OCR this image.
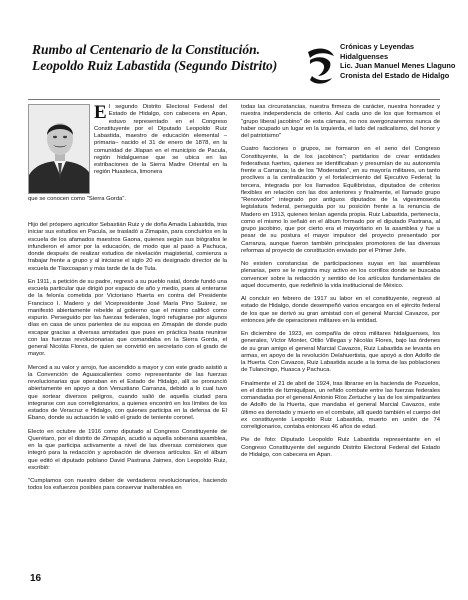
Rumbo al Centenario de la Constitución.
Leopoldo Ruiz Labastida (Segundo Distrito)
Crónicas y Leyendas Hidalguenses
Lic. Juan Manuel Menes Llaguno
Cronista del Estado de Hidalgo
El segundo Distrito Electoral Federal del Estado de Hidalgo, con cabecera en Apan, estuvo representado en el Congreso Constituyente por el Diputado Leopoldo Ruiz Labastida, maestro de educación elemental –primaria– nacido el 31 de enero de 1878, en la comunidad de Jilapan en el municipio de Pacula, región hidalguense que se ubica en las estribaciones de la Sierra Madre Oriental en la región Huasteca, limonera
que se conocen como "Sierra Gorda".

Hijo del próspero agricultor Sebastián Ruiz y de doña Amada Labastida, tras iniciar sus estudios en Pacula, se trasladó a Zimapán, para concluirlos en la escuela de los afamados maestros Gaona, quienes según sus biógrafos le infundieron el amor por la educación, de modo que al pasó a Pachuca, donde después de realizar estudios de nivelación magisterial, comienza a trabajar frente a grupo y al iniciarse el siglo 20 es designado director de la escuela de Tlaxcoapan y más tarde de la de Tula.

En 1911, a petición de su padre, regresó a su pueblo natal, donde fundó una escuela particular que dirigió por espacio de año y medio, pues al enterarse de la felonía cometida por Victoriano Huerta en contra del Presidente Francisco I. Madero y del Vicepresidente José María Pino Suárez, se manifestó abiertamente rebelde al gobierno que el mismo calificó como espurio. Perseguido por las fuerzas federales, logró refugiarse por algunos días en casa de unos parientes de su esposa en Zimapán de donde pudo escapar gracias a diversas amistades que pues en práctica hasta reunirse con las fuerzas revolucionarias que comandaba en la Sierra Gorda, el general Nicolás Flores, de quien se convirtió en secretario con el grado de mayor.

Merced a su valor y arrojo, fue ascendido a mayor y con este grado asistió a la Convención de Aguascalientes como representante de las fuerzas revolucionarias que operaban en el Estado de Hidalgo, allí se pronunció abiertamente en apoyo a don Venustiano Carranza, debido a lo cual tuvo que sortear diversos peligros, cuando salió de aquella ciudad para integrarse con sus correligionarios, a quienes encontró en los límites de los estados de Veracruz e Hidalgo, con quienes participa en la defensa de El Ébano, donde su actuación le valió el grado de teniente coronel.

Electo en octubre de 1916 como diputado al Congreso Constituyente de Querétaro, por el distrito de Zimapán, acudió a aquella soberana asamblea, en la que participa activamente a nivel de las diversas comisiones que integró para la redacción y aprobación de diversos artículos. En el álbum que editó el diputado poblano David Pastrana Jaimes, don Leopoldo Ruiz, escribió:

"Cumplamos con nuestro deber de verdaderos revolucionarios, haciendo todos los esfuerzos posibles para conservar inalterables en

todas las circunstancias, nuestra firmeza de carácter, nuestra honradez y nuestra independencia de criterio. Así cada uno de los que formamos el "grupo liberal jacobino" de esta cámara, no nos avergonzaremos nunca de haber ocupado un lugar en la izquierda, el lado del radicalismo, del honor y del patriotismo"

Cuatro facciones o grupos, se formaron en el seno del Congreso Constituyente, la de los jacobinos"; partidarios de crear entidades federativas fuertes, quienes se identificaban y presumían de su autonomía frente a Carranza; la de los "Moderados", en su mayoría militares, un tanto proclives a la centralización y el fortalecimiento del Ejecutivo Federal; la tercera, integrada por los llamados Equilibristas, diputados de criterios flexibles en relación con las dos anteriores y finalmente, el llamado grupo "Renovador" integrado por antiguos diputados de la vigesimosexta legislatura federal, perseguida por su posición frente a la renuncia de Madero en 1913, quienes tenían agenda propia. Ruiz Labastida, pertenecía, como el mismo lo señaló en el álbum formado por el diputado Pastrana, al grupo jacobino, que por cierto era el mayoritario en la asamblea y fue a pesar de su postura el mayor impulsor del proyecto presentado por Carranza, aunque fueron también principales promotores de las diversas reformas al proyecto de constitución enviado por el Primer Jefe.

No existen constancias de participaciones suyas en las asambleas plenarias, pero se le registra muy activo en los corrillos donde se buscaba convencer sobre la redacción y sentido de los artículos fundamentales de aquel documento, que redefinió la vida institucional de México.

Al concluir en febrero de 1917 su labor en el constituyente, regresó al estado de Hidalgo, donde desempeñó varios encargos en el ejército federal de los que se derivó su gran amistad con el general Marcial Cavazos, por entonces jefe de operaciones militares en la entidad.

En diciembre de 1923, en compañía de otros militares hidalguenses, los generales, Víctor Monter, Otilio Villegas y Nicolás Flores, bajo las órdenes de su gran amigo el general Marcial Cavazos, Ruiz Labastida se levanta en armas, en apoyo de la revolución Delahuertista, que apoyó a don Adolfo de la Huerta. Con Cavazos, Ruiz Labastida acude a la toma de las poblaciones de Tulancingo, Huasca y Pachuca.

Finalmente el 21 de abril de 1924, tras librarse en la hacienda de Pozuelos, en el distrito de Itzmiquilpan, un reñido combate entre las fuerzas federales comandadas por el general Antonio Ríos Zertuche y las de los simpatizantes de Adolfo de la Huerta, que mandaba el general Marcial Cavazos, este último es derrotado y muerto en el combate, allí quedó también el cuerpo del ex constituyente Leopoldo Ruiz Labastida, muerto en unión de 74 correligionarios, contaba entonces 46 años de edad.

Pie de foto: Diputado Leopoldo Ruiz Labastida representante en el Congreso Constituyente del segundo Distrito Electoral Federal del Estado de Hidalgo, con cabecera en Apan.

16
